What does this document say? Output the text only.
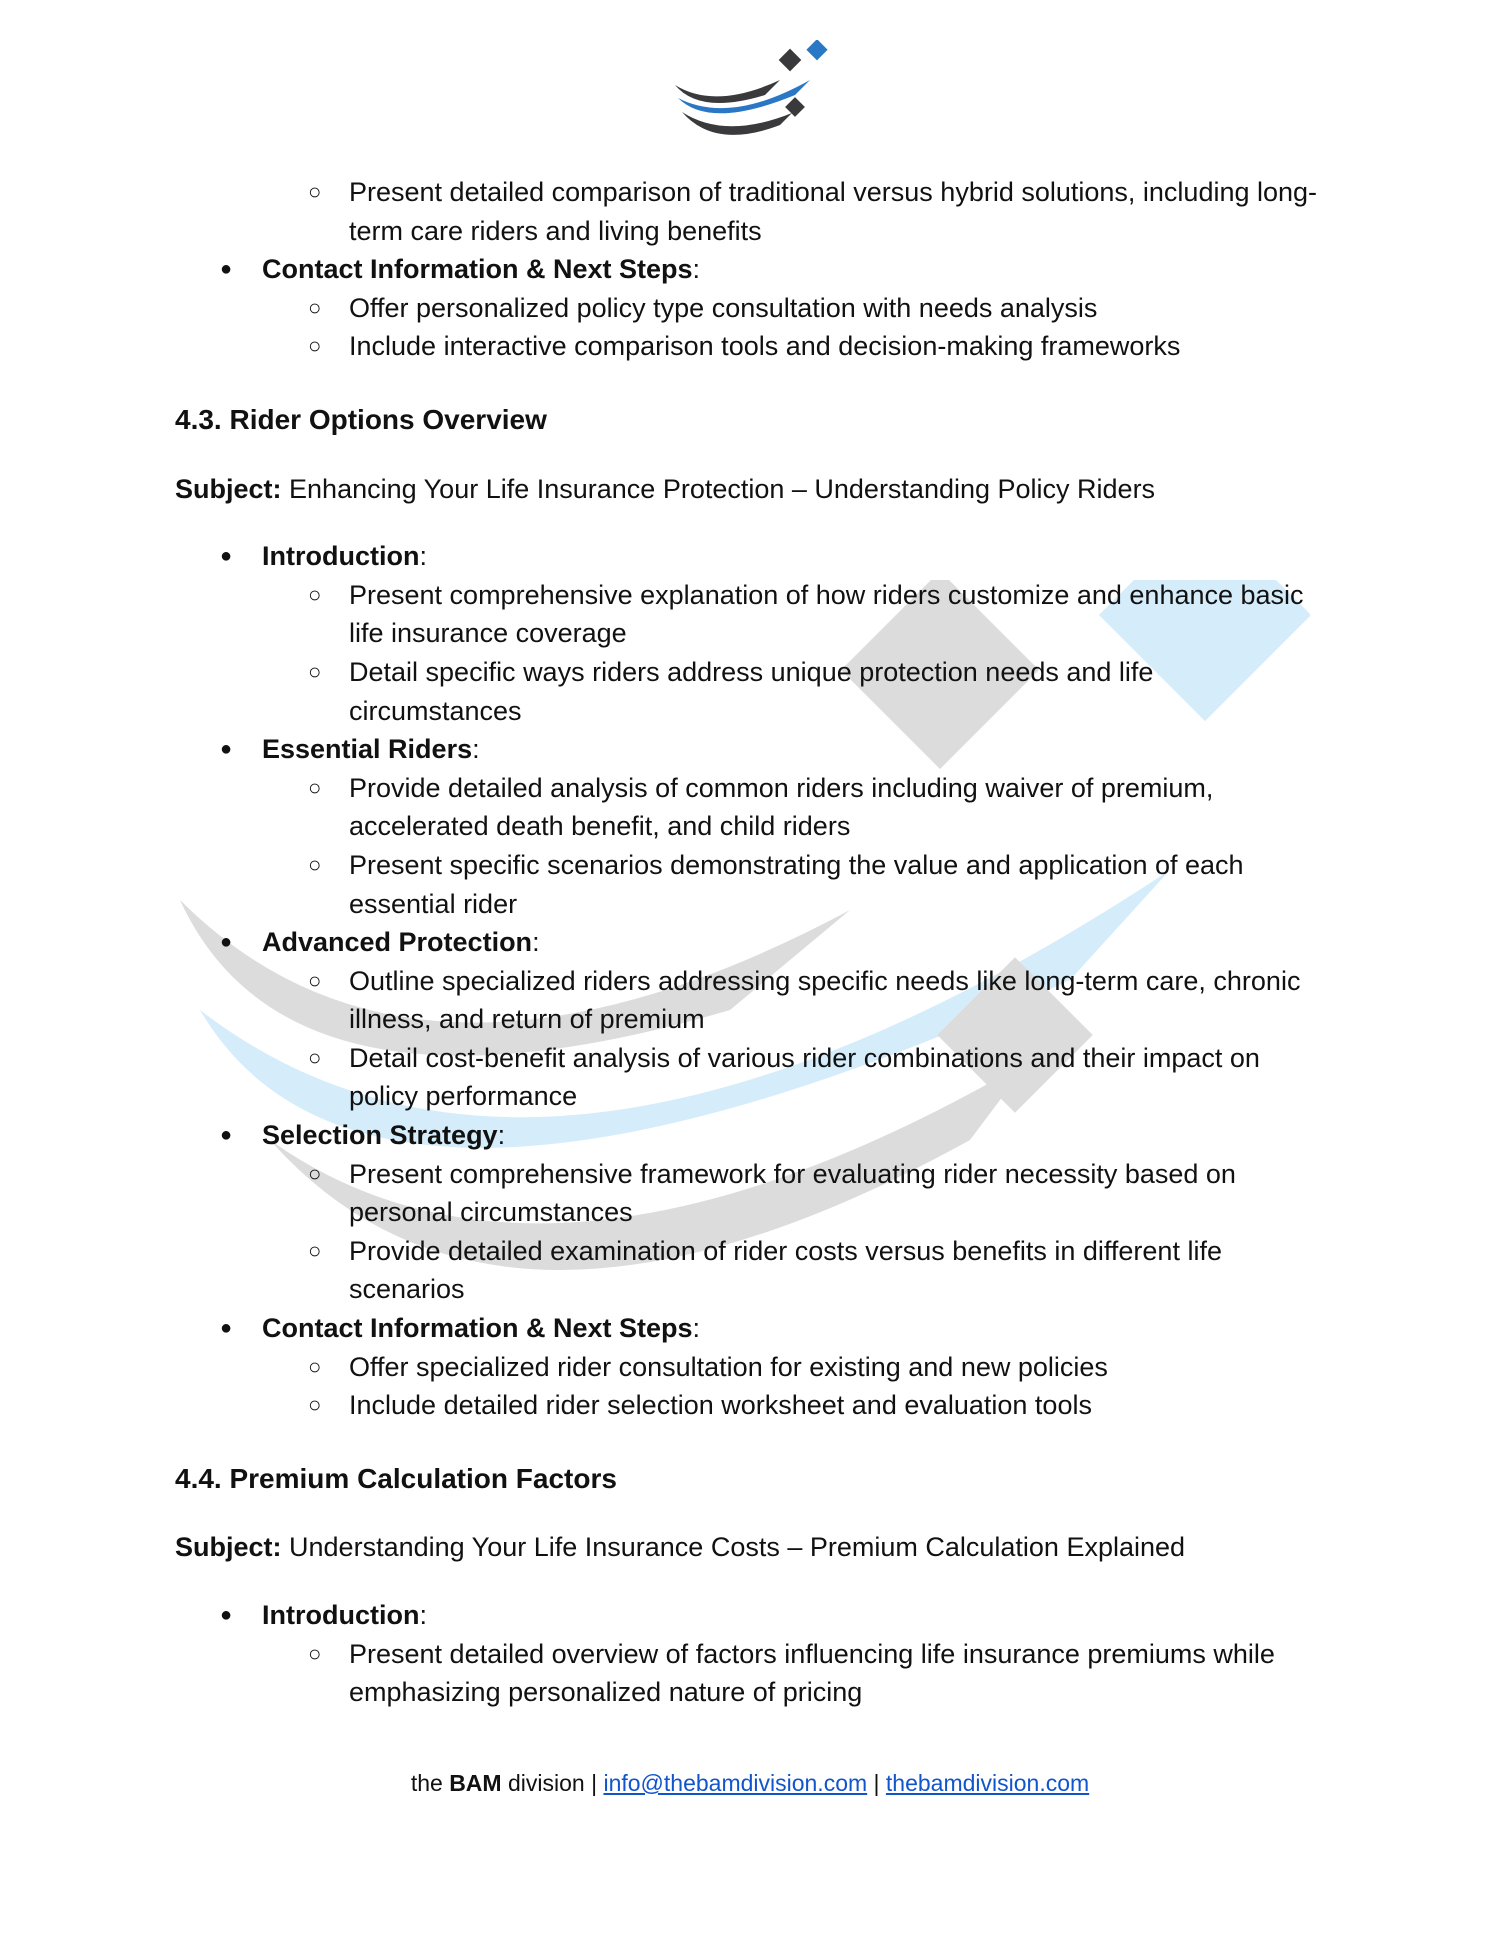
○ Present detailed comparison of traditional versus hybrid solutions, including long-term care riders and living benefits
● Contact Information & Next Steps:
○ Offer personalized policy type consultation with needs analysis
○ Include interactive comparison tools and decision-making frameworks
4.3. Rider Options Overview
Subject: Enhancing Your Life Insurance Protection – Understanding Policy Riders
● Introduction:
○ Present comprehensive explanation of how riders customize and enhance basic life insurance coverage
○ Detail specific ways riders address unique protection needs and life circumstances
● Essential Riders:
○ Provide detailed analysis of common riders including waiver of premium, accelerated death benefit, and child riders
○ Present specific scenarios demonstrating the value and application of each essential rider
● Advanced Protection:
○ Outline specialized riders addressing specific needs like long-term care, chronic illness, and return of premium
○ Detail cost-benefit analysis of various rider combinations and their impact on policy performance
● Selection Strategy:
○ Present comprehensive framework for evaluating rider necessity based on personal circumstances
○ Provide detailed examination of rider costs versus benefits in different life scenarios
● Contact Information & Next Steps:
○ Offer specialized rider consultation for existing and new policies
○ Include detailed rider selection worksheet and evaluation tools
4.4. Premium Calculation Factors
Subject: Understanding Your Life Insurance Costs – Premium Calculation Explained
● Introduction:
○ Present detailed overview of factors influencing life insurance premiums while emphasizing personalized nature of pricing
the BAM division | info@thebamdivision.com | thebamdivision.com
